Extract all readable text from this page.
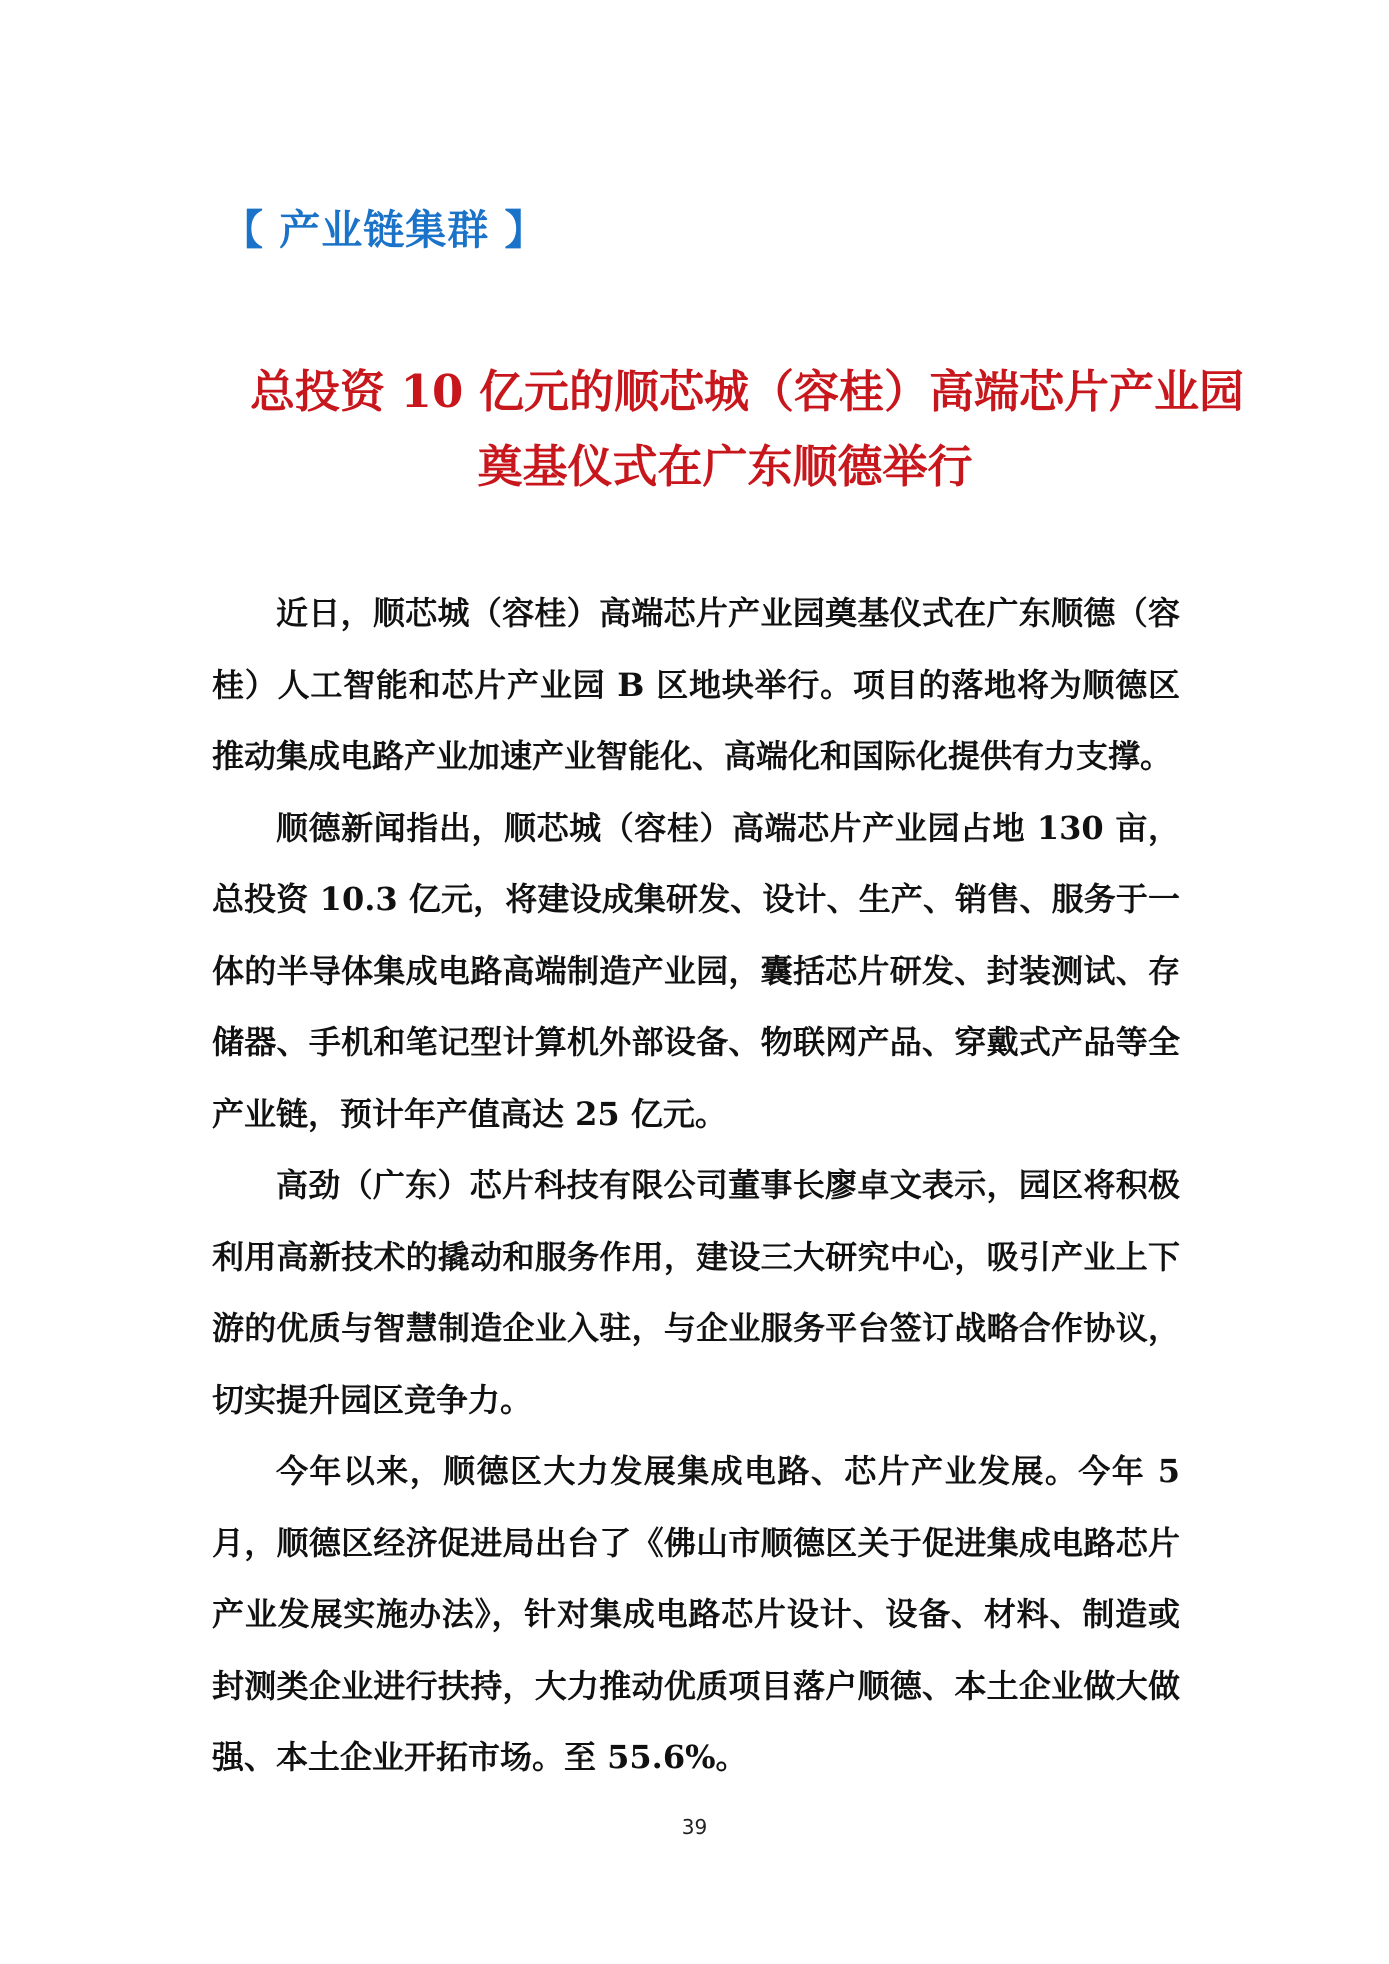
【 产业链集群 】
总投资 10 亿元的顺芯城（容桂）高端芯片产业园
奠基仪式在广东顺德举行

近日，顺芯城（容桂）高端芯片产业园奠基仪式在广东顺德（容桂）人工智能和芯片产业园 B 区地块举行。项目的落地将为顺德区推动集成电路产业加速产业智能化、高端化和国际化提供有力支撑。

顺德新闻指出，顺芯城（容桂）高端芯片产业园占地 130 亩，总投资 10.3 亿元，将建设成集研发、设计、生产、销售、服务于一体的半导体集成电路高端制造产业园，囊括芯片研发、封装测试、存储器、手机和笔记型计算机外部设备、物联网产品、穿戴式产品等全产业链，预计年产值高达 25 亿元。

高劲（广东）芯片科技有限公司董事长廖卓文表示，园区将积极利用高新技术的撬动和服务作用，建设三大研究中心，吸引产业上下游的优质与智慧制造企业入驻，与企业服务平台签订战略合作协议，切实提升园区竞争力。

今年以来，顺德区大力发展集成电路、芯片产业发展。今年 5 月，顺德区经济促进局出台了《佛山市顺德区关于促进集成电路芯片产业发展实施办法》，针对集成电路芯片设计、设备、材料、制造或封测类企业进行扶持，大力推动优质项目落户顺德、本土企业做大做强、本土企业开拓市场。至 55.6%。

39
